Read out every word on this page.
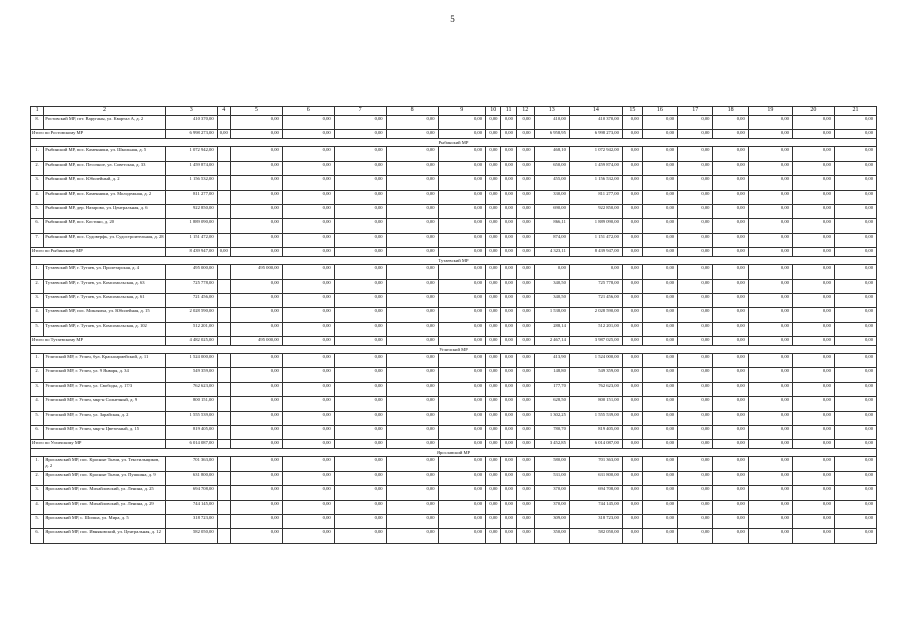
5
1	2	3	4	5	6	7	8	9	10	11	12	13	14	15	16	17	18	19	20	21
8.	Ростовский МР, пгт. Варуганы, ул. Квартал А, д. 2	410 370,00		0,00	0,00	0,00	0,00	0,00	0,00	0,00	0,00	410,00	410 370,00	0,00	0,00	0,00	0,00	0,00	0,00	0,00
Итого по Ростовскому МР		6 998 273,00	0,00	0,00	0,00	0,00	0,00	0,00	0,00	0,00	0,00	6 958,95	6 998 273,00	0,00	0,00	0,00	0,00	0,00	0,00	0,00
Рыбинский МР																				
1.	Рыбинский МР, пос. Каменники, ул. Школьная, д. 5	1 072 942,00		0,00	0,00	0,00	0,00	0,00	0,00	0,00	0,00	468,10	1 072 942,00	0,00	0,00	0,00	0,00	0,00	0,00	0,00
2.	Рыбинский МР, пос. Песочное, ул. Советская, д. 33	1 459 874,00		0,00	0,00	0,00	0,00	0,00	0,00	0,00	0,00	650,00	1 459 874,00	0,00	0,00	0,00	0,00	0,00	0,00	0,00
3.	Рыбинский МР, пос. Юбилейный, д. 2	1 156 532,00		0,00	0,00	0,00	0,00	0,00	0,00	0,00	0,00	455,00	1 156 532,00	0,00	0,00	0,00	0,00	0,00	0,00	0,00
4.	Рыбинский МР, пос. Каменники, ул. Молодежная, д. 2	811 277,00		0,00	0,00	0,00	0,00	0,00	0,00	0,00	0,00	330,00	811 277,00	0,00	0,00	0,00	0,00	0,00	0,00	0,00
5.	Рыбинский МР, дер. Назарово, ул. Центральная, д. 6	922 850,00		0,00	0,00	0,00	0,00	0,00	0,00	0,00	0,00	690,00	922 850,00	0,00	0,00	0,00	0,00	0,00	0,00	0,00
6.	Рыбинский МР, пос. Костино, д. 20	1 889 090,00		0,00	0,00	0,00	0,00	0,00	0,00	0,00	0,00	866,11	1 889 090,00	0,00	0,00	0,00	0,00	0,00	0,00	0,00
7.	Рыбинский МР, пос. Судоверфь, ул. Судостроительная, д. 28	1 151 472,00		0,00	0,00	0,00	0,00	0,00	0,00	0,00	0,00	874,00	1 151 472,00	0,00	0,00	0,00	0,00	0,00	0,00	0,00
Итого по Рыбинскому МР		8 439 947,00	0,00	0,00	0,00	0,00	0,00	0,00	0,00	0,00	0,00	4 323,11	8 439 947,00	0,00	0,00	0,00	0,00	0,00	0,00	0,00
Тутаевский МР																				
1.	Тутаевский МР, г. Тутаев, ул. Пролетарская, д. 4	495 000,00		495 000,00	0,00	0,00	0,00	0,00	0,00	0,00	0,00	0,00	0,00	0,00	0,00	0,00	0,00	0,00	0,00	0,00
2.	Тутаевский МР, г. Тутаев, ул. Комсомольская, д. 63	725 778,00		0,00	0,00	0,00	0,00	0,00	0,00	0,00	0,00	340,50	725 778,00	0,00	0,00	0,00	0,00	0,00	0,00	0,00
3.	Тутаевский МР, г. Тутаев, ул. Комсомольская, д. 61	721 456,00		0,00	0,00	0,00	0,00	0,00	0,00	0,00	0,00	340,50	721 456,00	0,00	0,00	0,00	0,00	0,00	0,00	0,00
4.	Тутаевский МР, пос. Микляиха, ул. Юбилейная, д. 15	2 028 590,00		0,00	0,00	0,00	0,00	0,00	0,00	0,00	0,00	1 538,00	2 028 590,00	0,00	0,00	0,00	0,00	0,00	0,00	0,00
5.	Тутаевский МР, г. Тутаев, ул. Комсомольская, д. 102	512 201,00		0,00	0,00	0,00	0,00	0,00	0,00	0,00	0,00	288,14	512 201,00	0,00	0,00	0,00	0,00	0,00	0,00	0,00
Итого по Тутаевскому МР		4 482 025,00		495 000,00	0,00	0,00	0,00	0,00	0,00	0,00	0,00	2 467,14	3 987 025,00	0,00	0,00	0,00	0,00	0,00	0,00	0,00
Угличский МР																				
1.	Угличский МР, г. Углич, бул. Красноармейский, д. 11	1 524 000,00		0,00	0,00	0,00	0,00	0,00	0,00	0,00	0,00	413,90	1 524 000,00	0,00	0,00	0,00	0,00	0,00	0,00	0,00
2.	Угличский МР, г. Углич, ул. 9 Января, д. 34	549 359,00		0,00	0,00	0,00	0,00	0,00	0,00	0,00	0,00	148,80	549 359,00	0,00	0,00	0,00	0,00	0,00	0,00	0,00
3.	Угличский МР, г. Углич, ул. Свободы, д. 17/3	762 623,00		0,00	0,00	0,00	0,00	0,00	0,00	0,00	0,00	177,70	762 623,00	0,00	0,00	0,00	0,00	0,00	0,00	0,00
4.	Угличский МР, г. Углич, мкр-н Солнечный, д. 9	800 151,00		0,00	0,00	0,00	0,00	0,00	0,00	0,00	0,00	628,50	800 151,00	0,00	0,00	0,00	0,00	0,00	0,00	0,00
5.	Угличский МР, г. Углич, ул. Зарайская, д. 2	1 555 539,00		0,00	0,00	0,00	0,00	0,00	0,00	0,00	0,00	1 302,25	1 555 539,00	0,00	0,00	0,00	0,00	0,00	0,00	0,00
6.	Угличский МР, г. Углич, мкр-н Цветочный, д. 15	819 405,00		0,00	0,00	0,00	0,00	0,00	0,00	0,00	0,00	780,70	819 405,00	0,00	0,00	0,00	0,00	0,00	0,00	0,00
Итого по Угличскому МР		6 014 087,00		0,00	0,00	0,00	0,00	0,00	0,00	0,00	0,00	3 452,85	6 014 087,00	0,00	0,00	0,00	0,00	0,00	0,00	0,00
Ярославский МР																				
1.	Ярославский МР, пос. Красные Ткачи, ул. Текстильщиков, д. 2	701 363,00		0,00	0,00	0,00	0,00	0,00	0,00	0,00	0,00	580,00	701 363,00	0,00	0,00	0,00	0,00	0,00	0,00	0,00
2.	Ярославский МР, пос. Красные Ткачи, ул. Пушкина, д. 9	631 800,00		0,00	0,00	0,00	0,00	0,00	0,00	0,00	0,00	531,00	631 800,00	0,00	0,00	0,00	0,00	0,00	0,00	0,00
3.	Ярославский МР, пос. Михайловский, ул. Ленина, д. 25	694 708,00		0,00	0,00	0,00	0,00	0,00	0,00	0,00	0,00	370,00	694 708,00	0,00	0,00	0,00	0,00	0,00	0,00	0,00
4.	Ярославский МР, пос. Михайловский, ул. Ленина, д. 29	744 145,00		0,00	0,00	0,00	0,00	0,00	0,00	0,00	0,00	370,00	744 145,00	0,00	0,00	0,00	0,00	0,00	0,00	0,00
5.	Ярославский МР, с. Шопша, ул. Мира, д. 5	318 723,00		0,00	0,00	0,00	0,00	0,00	0,00	0,00	0,00	309,00	318 723,00	0,00	0,00	0,00	0,00	0,00	0,00	0,00
6.	Ярославский МР, пос. Ивняковский, ул. Центральная, д. 12	582 050,00		0,00	0,00	0,00	0,00	0,00	0,00	0,00	0,00	350,00	582 050,00	0,00	0,00	0,00	0,00	0,00	0,00	0,00
